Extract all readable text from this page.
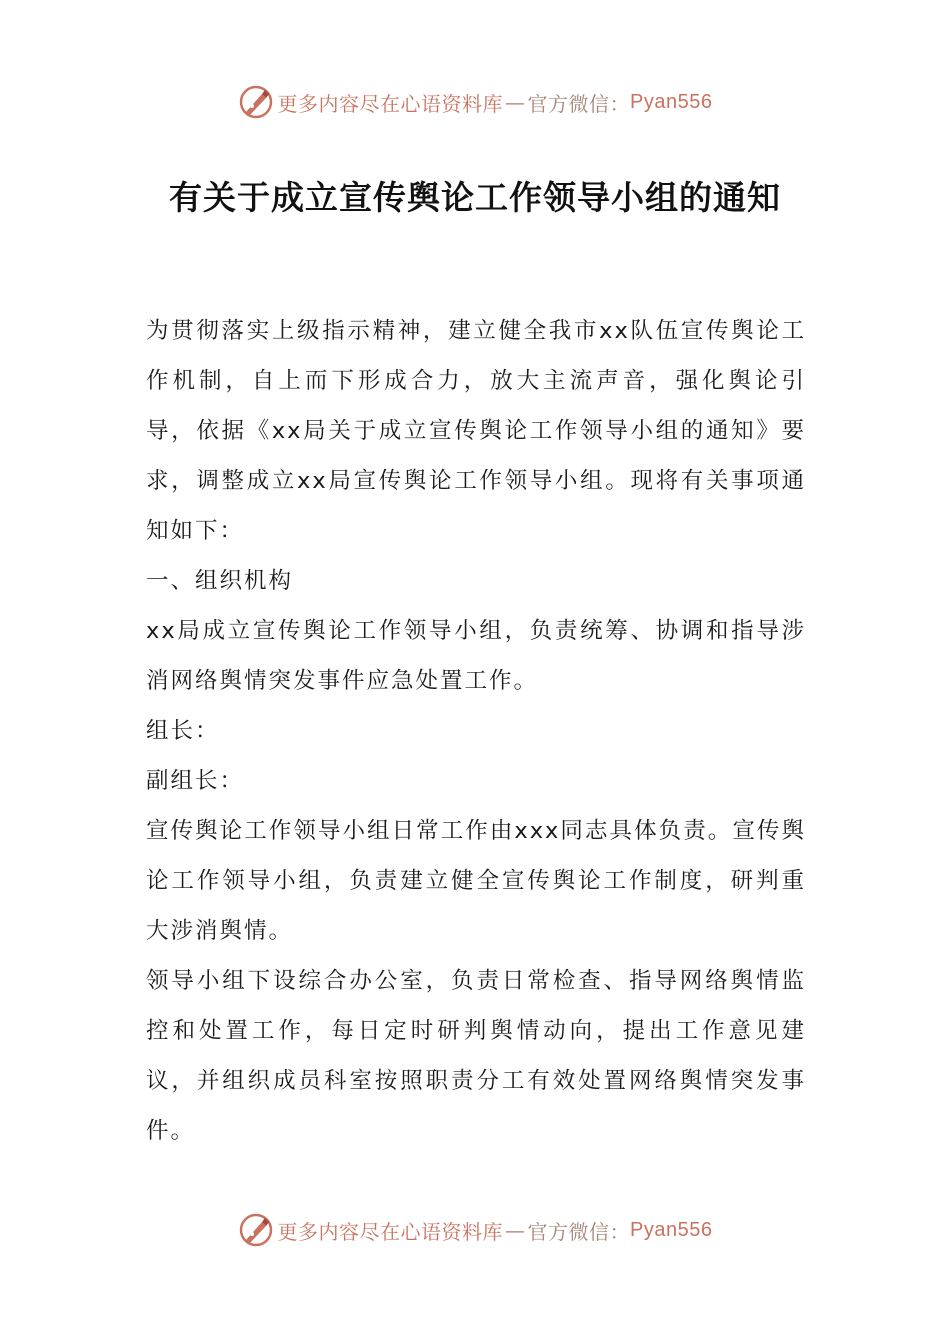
更多内容尽在心语资料库 — 官方微信： Pyan556
有关于成立宣传舆论工作领导小组的通知

为贯彻落实上级指示精神，建立健全我市xx队伍宣传舆论工作机制，自上而下形成合力，放大主流声音，强化舆论引导，依据《xx局关于成立宣传舆论工作领导小组的通知》要求，调整成立xx局宣传舆论工作领导小组。现将有关事项通知如下：

一、组织机构

xx局成立宣传舆论工作领导小组，负责统筹、协调和指导涉消网络舆情突发事件应急处置工作。

组长：

副组长：

宣传舆论工作领导小组日常工作由xxx同志具体负责。宣传舆论工作领导小组，负责建立健全宣传舆论工作制度，研判重大涉消舆情。

领导小组下设综合办公室，负责日常检查、指导网络舆情监控和处置工作，每日定时研判舆情动向，提出工作意见建议，并组织成员科室按照职责分工有效处置网络舆情突发事件。

更多内容尽在心语资料库 — 官方微信： Pyan556
